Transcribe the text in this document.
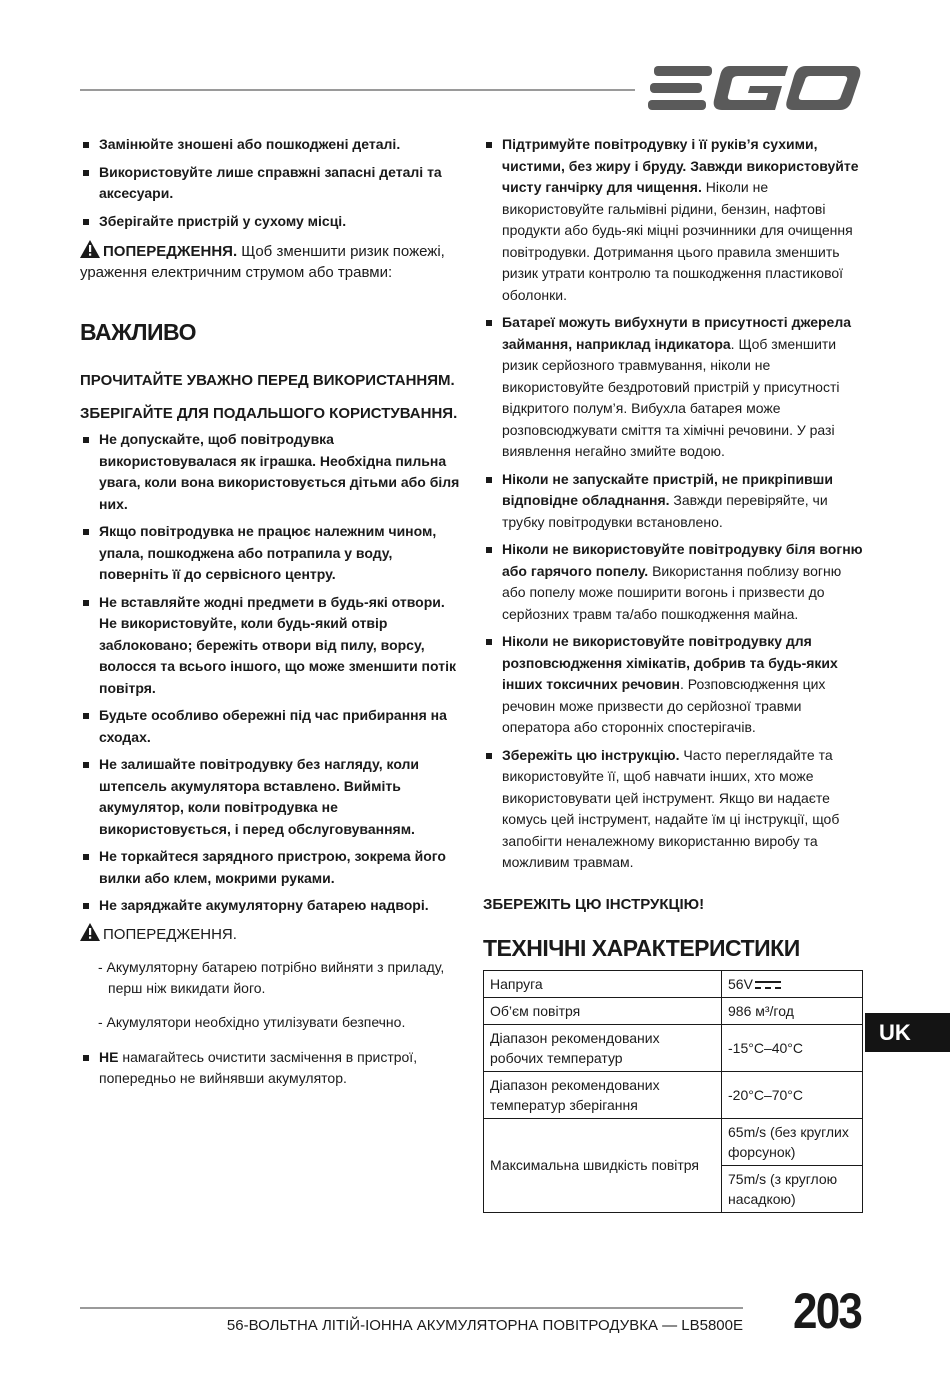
Замінюйте зношені або пошкоджені деталі.
Використовуйте лише справжні запасні деталі та аксесуари.
Зберігайте пристрій у сухому місці.

ПОПЕРЕДЖЕННЯ. Щоб зменшити ризик пожежі, ураження електричним струмом або травми:

ВАЖЛИВО

ПРОЧИТАЙТЕ УВАЖНО ПЕРЕД ВИКОРИСТАННЯМ.

ЗБЕРІГАЙТЕ ДЛЯ ПОДАЛЬШОГО КОРИСТУВАННЯ.

Не допускайте, щоб повітродувка використовувалася як іграшка. Необхідна пильна увага, коли вона використовується дітьми або біля них.
Якщо повітродувка не працює належним чином, упала, пошкоджена або потрапила у воду, поверніть її до сервісного центру.
Не вставляйте жодні предмети в будь-які отвори. Не використовуйте, коли будь-який отвір заблоковано; бережіть отвори від пилу, ворсу, волосся та всього іншого, що може зменшити потік повітря.
Будьте особливо обережні під час прибирання на сходах.
Не залишайте повітродувку без нагляду, коли штепсель акумулятора вставлено. Вийміть акумулятор, коли повітродувка не використовується, і перед обслуговуванням.
Не торкайтеся зарядного пристрою, зокрема його вилки або клем, мокрими руками.
Не заряджайте акумуляторну батарею надворі.

ПОПЕРЕДЖЕННЯ.

- Акумуляторну батарею потрібно вийняти з приладу, перш ніж викидати його.
- Акумулятори необхідно утилізувати безпечно.
НЕ намагайтесь очистити засмічення в пристрої, попередньо не вийнявши акумулятор.
Підтримуйте повітродувку і її руків’я сухими, чистими, без жиру і бруду. Завжди використовуйте чисту ганчірку для чищення. Ніколи не використовуйте гальмівні рідини, бензин, нафтові продукти або будь-які міцні розчинники для очищення повітродувки. Дотримання цього правила зменшить ризик утрати контролю та пошкодження пластикової оболонки.
Батареї можуть вибухнути в присутності джерела займання, наприклад індикатора. Щоб зменшити ризик серйозного травмування, ніколи не використовуйте бездротовий пристрій у присутності відкритого полум’я. Вибухла батарея може розповсюджувати сміття та хімічні речовини. У разі виявлення негайно змийте водою.
Ніколи не запускайте пристрій, не прикріпивши відповідне обладнання. Завжди перевіряйте, чи трубку повітродувки встановлено.
Ніколи не використовуйте повітродувку біля вогню або гарячого попелу. Використання поблизу вогню або попелу може поширити вогонь і призвести до серйозних травм та/або пошкодження майна.
Ніколи не використовуйте повітродувку для розповсюдження хімікатів, добрив та будь-яких інших токсичних речовин. Розповсюдження цих речовин може призвести до серйозної травми оператора або сторонніх спостерігачів.
Збережіть цю інструкцію. Часто переглядайте та використовуйте її, щоб навчати інших, хто може використовувати цей інструмент. Якщо ви надаєте комусь цей інструмент, надайте їм ці інструкції, щоб запобігти неналежному використанню виробу та можливим травмам.

ЗБЕРЕЖІТЬ ЦЮ ІНСТРУКЦІЮ!

ТЕХНІЧНІ ХАРАКТЕРИСТИКИ

Напруга	56V
Об’єм повітря	986 м³/год
Діапазон рекомендованих робочих температур	-15°C–40°C
Діапазон рекомендованих температур зберігання	-20°C–70°C
Максимальна швидкість повітря	65m/s (без круглих форсунок)
	75m/s (з круглою насадкою)
UK
56-ВОЛЬТНА ЛІТІЙ-ІОННА АКУМУЛЯТОРНА ПОВІТРОДУВКА — LB5800E 203
